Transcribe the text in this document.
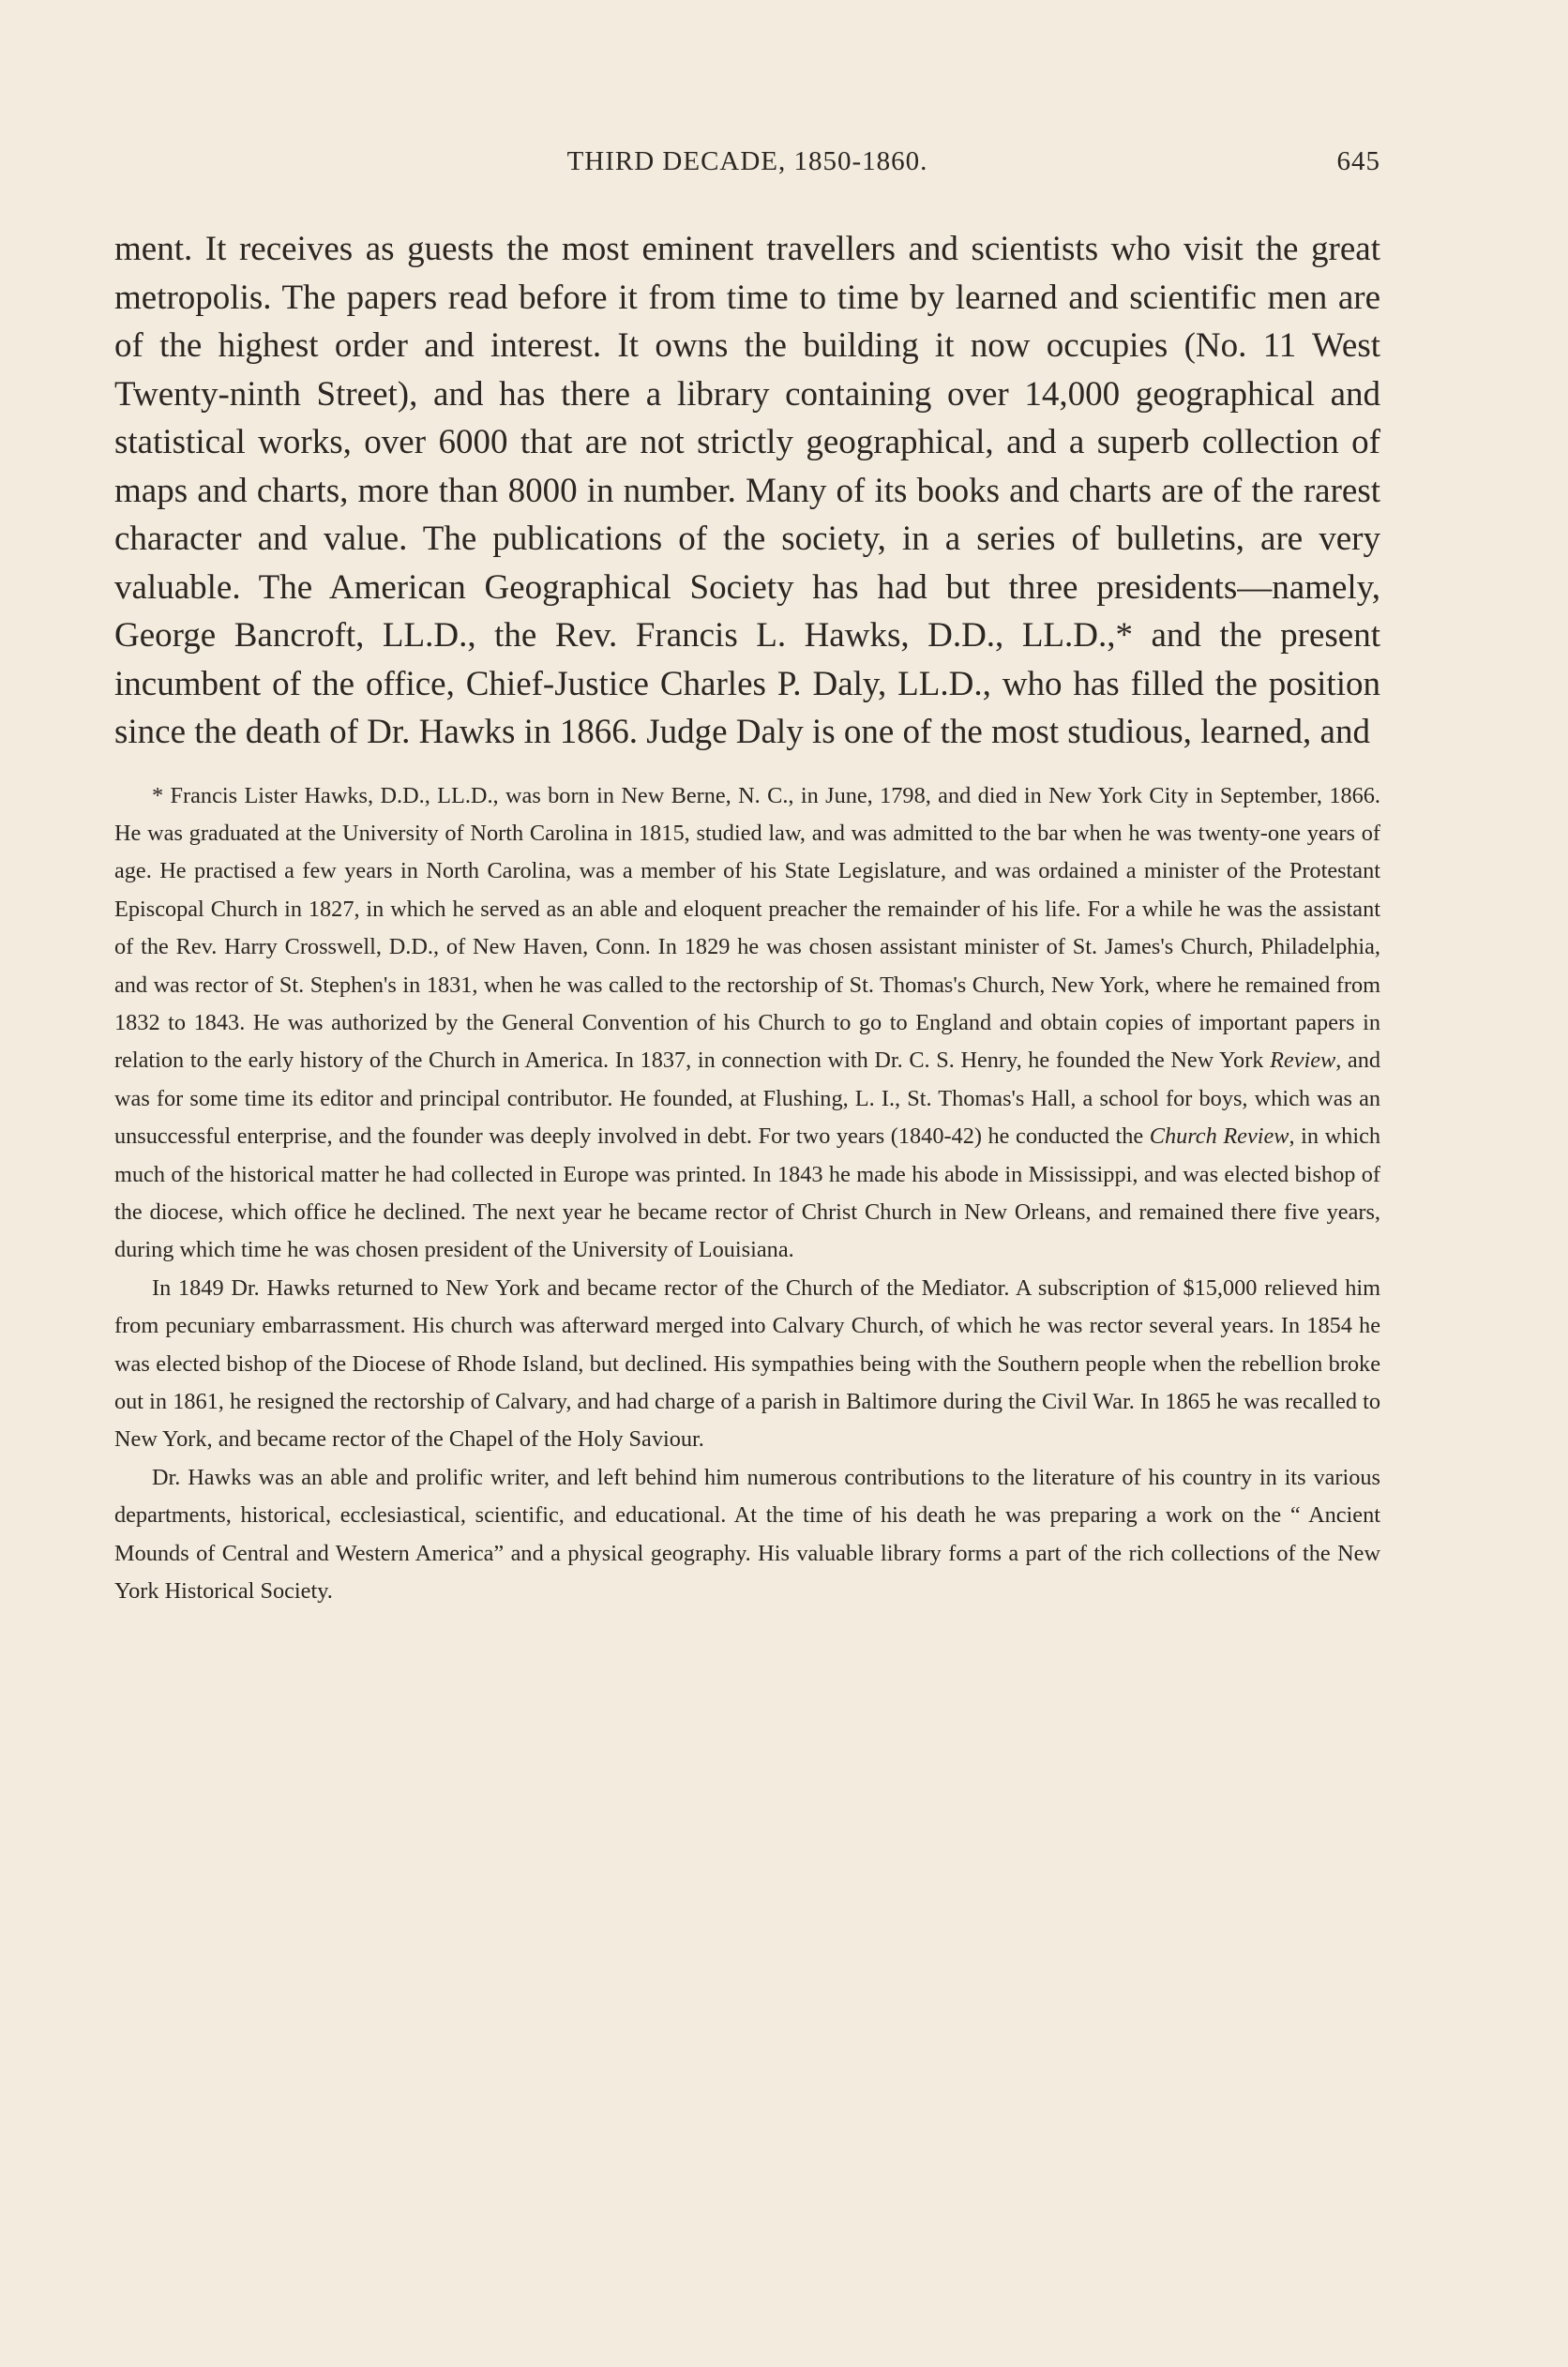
THIRD DECADE, 1850-1860.	645

ment. It receives as guests the most eminent travellers and scientists who visit the great metropolis. The papers read before it from time to time by learned and scientific men are of the highest order and interest. It owns the building it now occupies (No. 11 West Twenty-ninth Street), and has there a library containing over 14,000 geographical and statistical works, over 6000 that are not strictly geographical, and a superb collection of maps and charts, more than 8000 in number. Many of its books and charts are of the rarest character and value. The publications of the society, in a series of bulletins, are very valuable. The American Geographical Society has had but three presidents—namely, George Bancroft, LL.D., the Rev. Francis L. Hawks, D.D., LL.D.,* and the present incumbent of the office, Chief-Justice Charles P. Daly, LL.D., who has filled the position since the death of Dr. Hawks in 1866. Judge Daly is one of the most studious, learned, and

* Francis Lister Hawks, D.D., LL.D., was born in New Berne, N. C., in June, 1798, and died in New York City in September, 1866. He was graduated at the University of North Carolina in 1815, studied law, and was admitted to the bar when he was twenty-one years of age. He practised a few years in North Carolina, was a member of his State Legislature, and was ordained a minister of the Protestant Episcopal Church in 1827, in which he served as an able and eloquent preacher the remainder of his life. For a while he was the assistant of the Rev. Harry Crosswell, D.D., of New Haven, Conn. In 1829 he was chosen assistant minister of St. James's Church, Philadelphia, and was rector of St. Stephen's in 1831, when he was called to the rectorship of St. Thomas's Church, New York, where he remained from 1832 to 1843. He was authorized by the General Convention of his Church to go to England and obtain copies of important papers in relation to the early history of the Church in America. In 1837, in connection with Dr. C. S. Henry, he founded the New York Review, and was for some time its editor and principal contributor. He founded, at Flushing, L. I., St. Thomas's Hall, a school for boys, which was an unsuccessful enterprise, and the founder was deeply involved in debt. For two years (1840-42) he conducted the Church Review, in which much of the historical matter he had collected in Europe was printed. In 1843 he made his abode in Mississippi, and was elected bishop of the diocese, which office he declined. The next year he became rector of Christ Church in New Orleans, and remained there five years, during which time he was chosen president of the University of Louisiana.

In 1849 Dr. Hawks returned to New York and became rector of the Church of the Mediator. A subscription of $15,000 relieved him from pecuniary embarrassment. His church was afterward merged into Calvary Church, of which he was rector several years. In 1854 he was elected bishop of the Diocese of Rhode Island, but declined. His sympathies being with the Southern people when the rebellion broke out in 1861, he resigned the rectorship of Calvary, and had charge of a parish in Baltimore during the Civil War. In 1865 he was recalled to New York, and became rector of the Chapel of the Holy Saviour.

Dr. Hawks was an able and prolific writer, and left behind him numerous contributions to the literature of his country in its various departments, historical, ecclesiastical, scientific, and educational. At the time of his death he was preparing a work on the “ Ancient Mounds of Central and Western America” and a physical geography. His valuable library forms a part of the rich collections of the New York Historical Society.
